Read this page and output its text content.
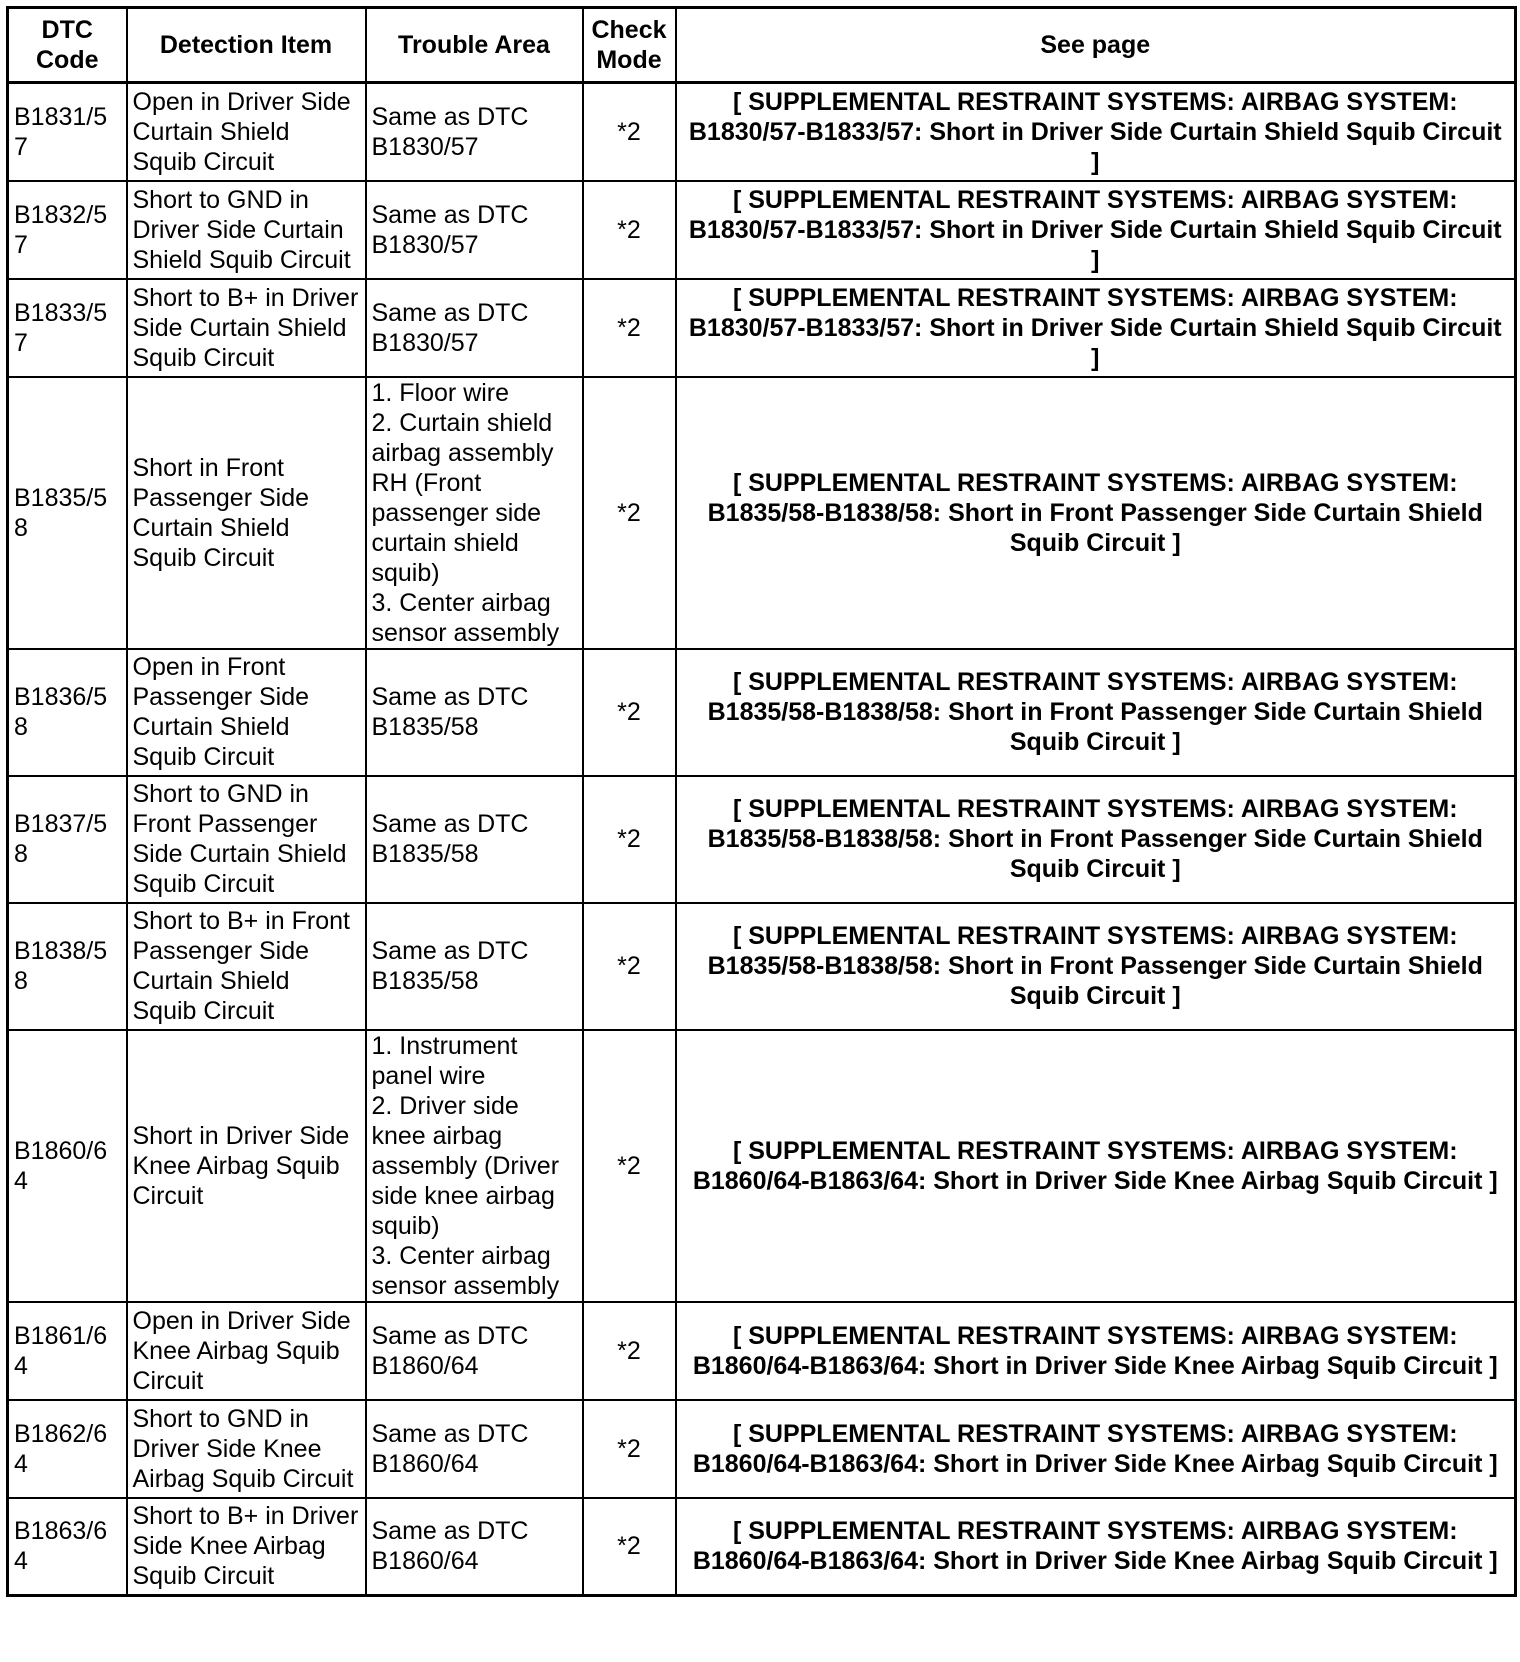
DTC Code	Detection Item	Trouble Area	Check Mode	See page
B1831/57	Open in Driver Side Curtain Shield Squib Circuit	Same as DTC B1830/57	*2	[ SUPPLEMENTAL RESTRAINT SYSTEMS: AIRBAG SYSTEM: B1830/57-B1833/57: Short in Driver Side Curtain Shield Squib Circuit ]
B1832/57	Short to GND in Driver Side Curtain Shield Squib Circuit	Same as DTC B1830/57	*2	[ SUPPLEMENTAL RESTRAINT SYSTEMS: AIRBAG SYSTEM: B1830/57-B1833/57: Short in Driver Side Curtain Shield Squib Circuit ]
B1833/57	Short to B+ in Driver Side Curtain Shield Squib Circuit	Same as DTC B1830/57	*2	[ SUPPLEMENTAL RESTRAINT SYSTEMS: AIRBAG SYSTEM: B1830/57-B1833/57: Short in Driver Side Curtain Shield Squib Circuit ]
B1835/58	Short in Front Passenger Side Curtain Shield Squib Circuit	1. Floor wire
2. Curtain shield airbag assembly RH (Front passenger side curtain shield squib)
3. Center airbag sensor assembly	*2	[ SUPPLEMENTAL RESTRAINT SYSTEMS: AIRBAG SYSTEM: B1835/58-B1838/58: Short in Front Passenger Side Curtain Shield Squib Circuit ]
B1836/58	Open in Front Passenger Side Curtain Shield Squib Circuit	Same as DTC B1835/58	*2	[ SUPPLEMENTAL RESTRAINT SYSTEMS: AIRBAG SYSTEM: B1835/58-B1838/58: Short in Front Passenger Side Curtain Shield Squib Circuit ]
B1837/58	Short to GND in Front Passenger Side Curtain Shield Squib Circuit	Same as DTC B1835/58	*2	[ SUPPLEMENTAL RESTRAINT SYSTEMS: AIRBAG SYSTEM: B1835/58-B1838/58: Short in Front Passenger Side Curtain Shield Squib Circuit ]
B1838/58	Short to B+ in Front Passenger Side Curtain Shield Squib Circuit	Same as DTC B1835/58	*2	[ SUPPLEMENTAL RESTRAINT SYSTEMS: AIRBAG SYSTEM: B1835/58-B1838/58: Short in Front Passenger Side Curtain Shield Squib Circuit ]
B1860/64	Short in Driver Side Knee Airbag Squib Circuit	1. Instrument panel wire
2. Driver side knee airbag assembly (Driver side knee airbag squib)
3. Center airbag sensor assembly	*2	[ SUPPLEMENTAL RESTRAINT SYSTEMS: AIRBAG SYSTEM: B1860/64-B1863/64: Short in Driver Side Knee Airbag Squib Circuit ]
B1861/64	Open in Driver Side Knee Airbag Squib Circuit	Same as DTC B1860/64	*2	[ SUPPLEMENTAL RESTRAINT SYSTEMS: AIRBAG SYSTEM: B1860/64-B1863/64: Short in Driver Side Knee Airbag Squib Circuit ]
B1862/64	Short to GND in Driver Side Knee Airbag Squib Circuit	Same as DTC B1860/64	*2	[ SUPPLEMENTAL RESTRAINT SYSTEMS: AIRBAG SYSTEM: B1860/64-B1863/64: Short in Driver Side Knee Airbag Squib Circuit ]
B1863/64	Short to B+ in Driver Side Knee Airbag Squib Circuit	Same as DTC B1860/64	*2	[ SUPPLEMENTAL RESTRAINT SYSTEMS: AIRBAG SYSTEM: B1860/64-B1863/64: Short in Driver Side Knee Airbag Squib Circuit ]
